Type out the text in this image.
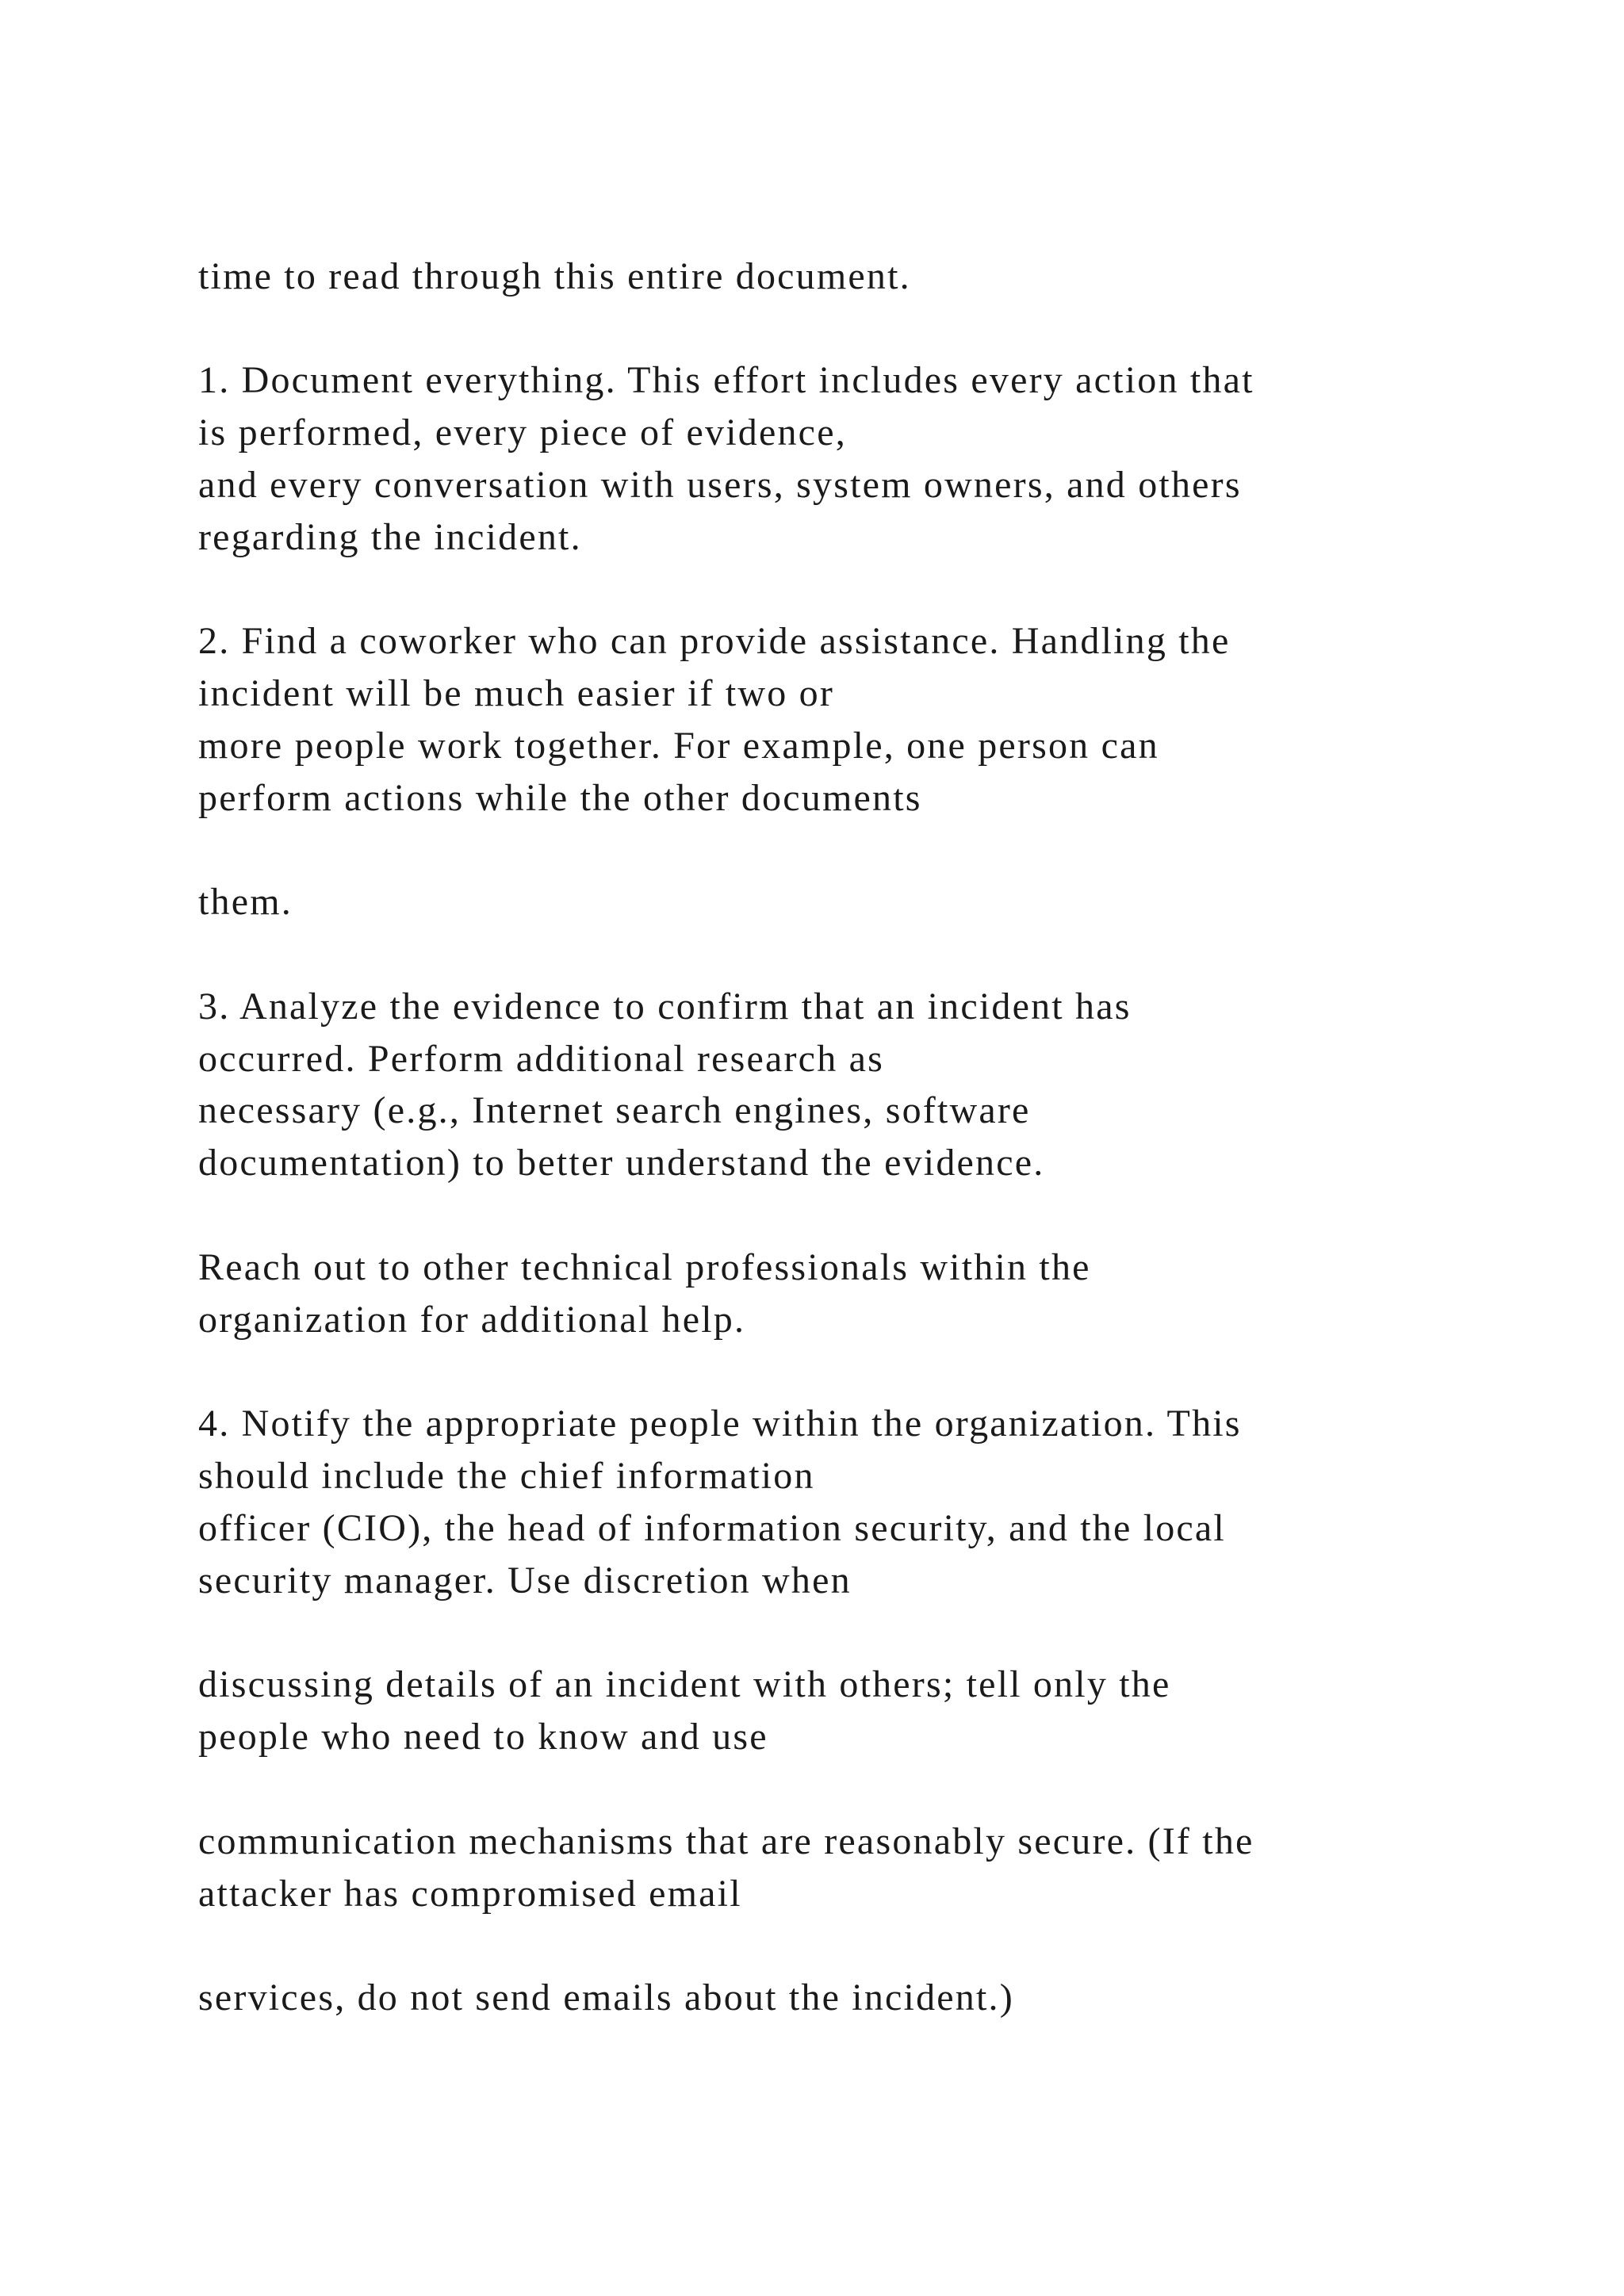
time to read through this entire document.

1. Document everything. This effort includes every action that

is performed, every piece of evidence,

and every conversation with users, system owners, and others

regarding the incident.

2. Find a coworker who can provide assistance. Handling the

incident will be much easier if two or

more people work together. For example, one person can

perform actions while the other documents

them.

3. Analyze the evidence to confirm that an incident has

occurred. Perform additional research as

necessary (e.g., Internet search engines, software

documentation) to better understand the evidence.

Reach out to other technical professionals within the

organization for additional help.

4. Notify the appropriate people within the organization. This

should include the chief information

officer (CIO), the head of information security, and the local

security manager. Use discretion when

discussing details of an incident with others; tell only the

people who need to know and use

communication mechanisms that are reasonably secure. (If the

attacker has compromised email

services, do not send emails about the incident.)
